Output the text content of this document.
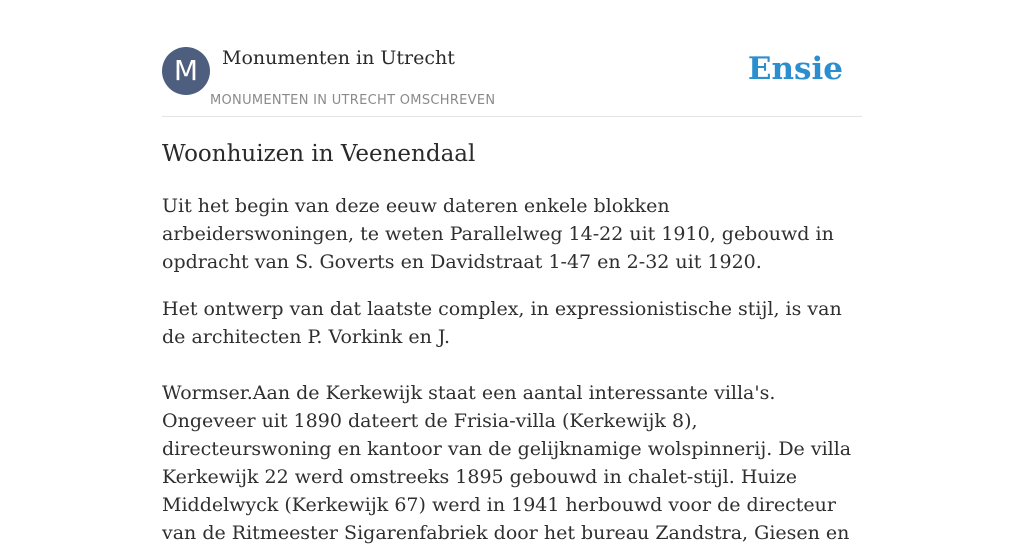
M	Monumenten in Utrecht
MONUMENTEN IN UTRECHT OMSCHREVEN
Ensie
Woonhuizen in Veenendaal

Uit het begin van deze eeuw dateren enkele blokken arbeiderswoningen, te weten Parallelweg 14-22 uit 1910, gebouwd in opdracht van S. Goverts en Davidstraat 1-47 en 2-32 uit 1920.

Het ontwerp van dat laatste complex, in expressionistische stijl, is van de architecten P. Vorkink en J.

Wormser.Aan de Kerkewijk staat een aantal interessante villa's. Ongeveer uit 1890 dateert de Frisia-villa (Kerkewijk 8), directeurswoning en kantoor van de gelijknamige wolspinnerij. De villa Kerkewijk 22 werd omstreeks 1895 gebouwd in chalet-stijl. Huize Middelwyck (Kerkewijk 67) werd in 1941 herbouwd voor de directeur van de Ritmeester Sigarenfabriek door het bureau Zandstra, Giesen en
